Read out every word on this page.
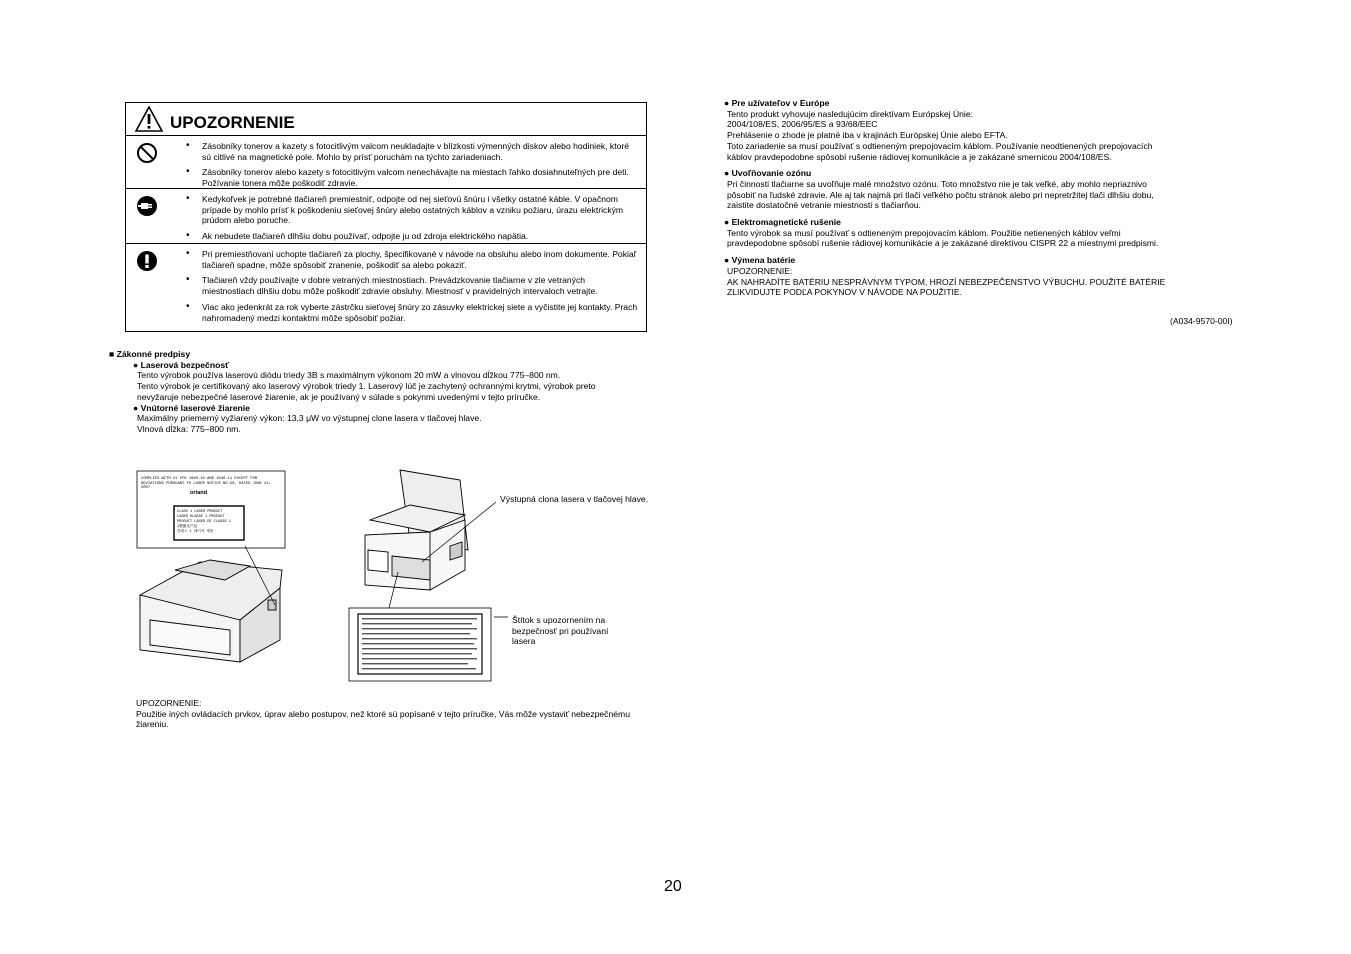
UPOZORNENIE
• Zásobníky tonerov a kazety s fotocitlivým valcom neukladajte v blízkosti výmenných diskov alebo hodiniek, ktoré sú citlivé na magnetické pole. Mohlo by prísť poruchám na týchto zariadeniach.
• Zásobníky tonerov alebo kazety s fotocitlivým valcom nenechávajte na miestach ľahko dosiahnuteľných pre deti. Požívanie tonera môže poškodiť zdravie.
• Kedykoľvek je potrebné tlačiareň premiestniť, odpojte od nej sieťovú šnúru i všetky ostatné káble. V opačnom prípade by mohlo prísť k poškodeniu sieťovej šnúry alebo ostatných káblov a vzniku požiaru, úrazu elektrickým prúdom alebo poruche.
• Ak nebudete tlačiareň dlhšiu dobu používať, odpojte ju od zdroja elektrického napätia.
• Pri premiestňovaní uchopte tlačiareň za plochy, špecifikované v návode na obsluhu alebo inom dokumente. Pokiaľ tlačiareň spadne, môže spôsobiť zranenie, poškodiť sa alebo pokaziť.
• Tlačiareň vždy používajte v dobre vetraných miestnostiach. Prevádzkovanie tlačiarne v zle vetraných miestnostiach dlhšiu dobu môže poškodiť zdravie obsluhy. Miestnosť v pravidelných intervaloch vetrajte.
• Viac ako jedenkrát za rok vyberte zástrčku sieťovej šnúry zo zásuvky elektrickej siete a vyčistite jej kontakty. Prach nahromadený medzi kontaktmi môže spôsobiť požiar.

■ Zákonné predpisy

● Laserová bezpečnosť

Tento výrobok používa laserovú diódu triedy 3B s maximálnym výkonom 20 mW a vlnovou dĺžkou 775–800 nm.

Tento výrobok je certifikovaný ako laserový výrobok triedy 1. Laserový lúč je zachytený ochrannými krytmi, výrobok preto

nevyžaruje nebezpečné laserové žiarenie, ak je používaný v súlade s pokynmi uvedenými v tejto príručke.

● Vnútorné laserové žiarenie

Maximálny priemerný vyžiarený výkon: 13,3 μW vo výstupnej clone lasera v tlačovej hlave.

Vlnová dĺžka: 775–800 nm.

COMPLIES WITH 21 CFR 1040.10 AND 1040.11 EXCEPT FOR
DEVIATIONS PURSUANT TO LASER NOTICE NO.50, DATED JUNE 24, 2007.
or/and
CLASS 1 LASER PRODUCT
LASER KLASSE 1 PRODUKT
PRODUIT LASER DE CLASSE 1
1類激光产品
클래스 1 레이저 제품
Výstupná clona lasera v tlačovej hlave.
Štítok s upozornením na bezpečnosť pri používaní lasera

UPOZORNENIE:

Použitie iných ovládacích prvkov, úprav alebo postupov, než ktoré sú popísané v tejto príručke, Vás môže vystaviť nebezpečnému žiareniu.

● Pre užívateľov v Európe

Tento produkt vyhovuje nasledujúcim direktívam Európskej Únie:

2004/108/ES, 2006/95/ES a 93/68/EEC

Prehlásenie o zhode je platné iba v krajinách Európskej Únie alebo EFTA.

Toto zariadenie sa musí používať s odtieneným prepojovacím káblom. Používanie neodtienených prepojovacích

káblov pravdepodobne spôsobí rušenie rádiovej komunikácie a je zakázané smernicou 2004/108/ES.

● Uvoľňovanie ozónu

Pri činnosti tlačiarne sa uvoľňuje malé množstvo ozónu. Toto množstvo nie je tak veľké, aby mohlo nepriaznivo

pôsobiť na ľudské zdravie. Ale aj tak najmä pri tlači veľkého počtu stránok alebo pri nepretržitej tlači dlhšiu dobu,

zaistite dostatočné vetranie miestnosti s tlačiarňou.

● Elektromagnetické rušenie

Tento výrobok sa musí používať s odtieneným prepojovacím káblom. Použitie netienených káblov veľmi

pravdepodobne spôsobí rušenie rádiovej komunikácie a je zakázané direktívou CISPR 22 a miestnymi predpismi.

● Výmena batérie

UPOZORNENIE:

AK NAHRADÍTE BATÉRIU NESPRÁVNYM TYPOM, HROZÍ NEBEZPEČENSTVO VÝBUCHU. POUŽITÉ BATÉRIE

ZLIKVIDUJTE PODĽA POKYNOV V NÁVODE NA POUŽITIE.

(A034-9570-00I)
20
